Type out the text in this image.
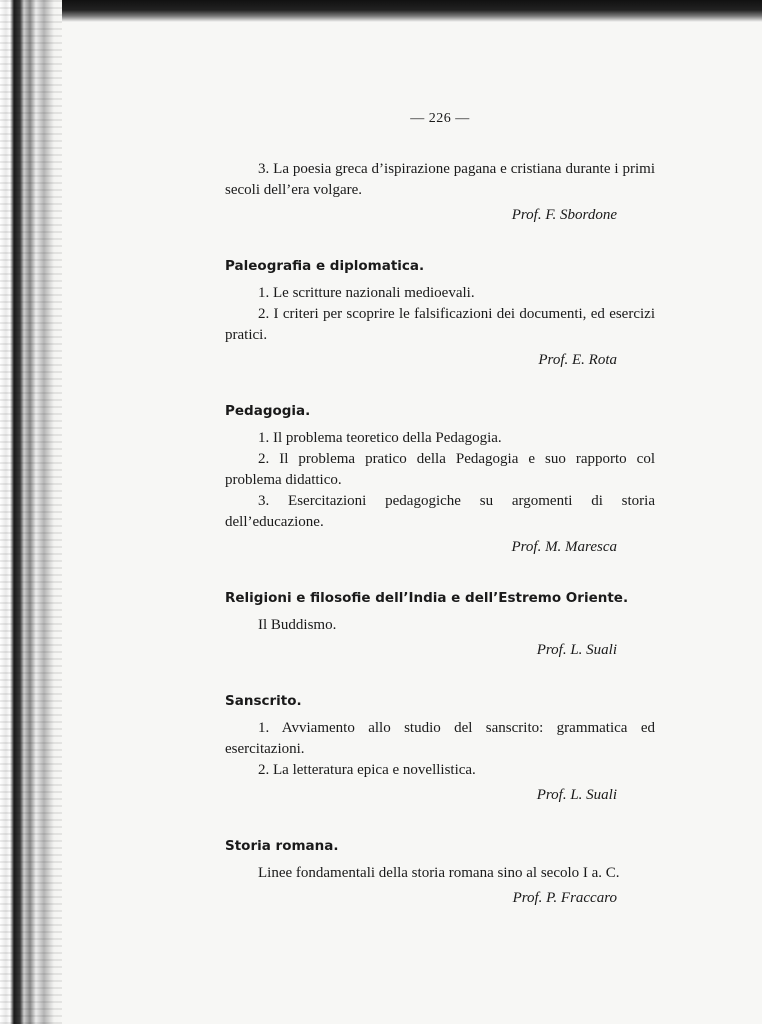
— 226 —

3. La poesia greca d’ispirazione pagana e cristiana durante i primi secoli dell’era volgare.

Prof. F. Sbordone
Paleografia e diplomatica.

1. Le scritture nazionali medioevali.

2. I criteri per scoprire le falsificazioni dei documenti, ed esercizi pratici.

Prof. E. Rota
Pedagogia.

1. Il problema teoretico della Pedagogia.

2. Il problema pratico della Pedagogia e suo rapporto col problema didattico.

3. Esercitazioni pedagogiche su argomenti di storia dell’educazione.

Prof. M. Maresca
Religioni e filosofie dell’India e dell’Estremo Oriente.

Il Buddismo.

Prof. L. Suali
Sanscrito.

1. Avviamento allo studio del sanscrito: grammatica ed esercitazioni.

2. La letteratura epica e novellistica.

Prof. L. Suali
Storia romana.

Linee fondamentali della storia romana sino al secolo I a. C.

Prof. P. Fraccaro
